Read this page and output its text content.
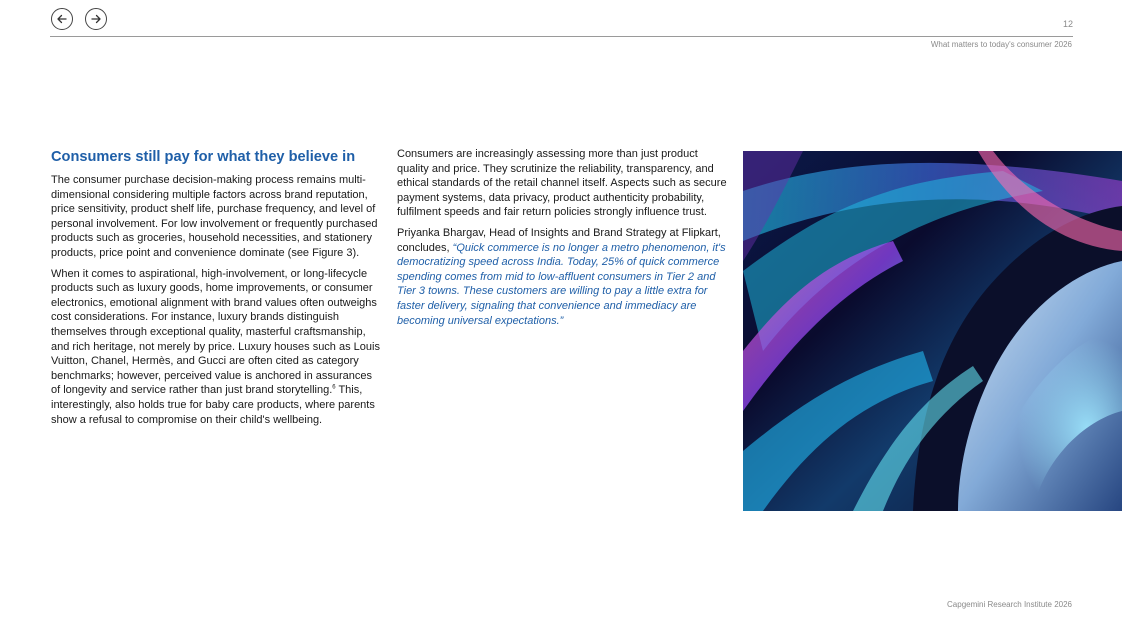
12
What matters to today's consumer 2026
Consumers still pay for what they believe in

The consumer purchase decision-making process remains multi-dimensional considering multiple factors across brand reputation, price sensitivity, product shelf life, purchase frequency, and level of personal involvement. For low involvement or frequently purchased products such as groceries, household necessities, and stationery products, price point and convenience dominate (see Figure 3).

When it comes to aspirational, high-involvement, or long-lifecycle products such as luxury goods, home improvements, or consumer electronics, emotional alignment with brand values often outweighs cost considerations. For instance, luxury brands distinguish themselves through exceptional quality, masterful craftsmanship, and rich heritage, not merely by price. Luxury houses such as Louis Vuitton, Chanel, Hermès, and Gucci are often cited as category benchmarks; however, perceived value is anchored in assurances of longevity and service rather than just brand storytelling.$^6$ This, interestingly, also holds true for baby care products, where parents show a refusal to compromise on their child's wellbeing.

Consumers are increasingly assessing more than just product quality and price. They scrutinize the reliability, transparency, and ethical standards of the retail channel itself. Aspects such as secure payment systems, data privacy, product authenticity probability, fulfilment speeds and fair return policies strongly influence trust.

Priyanka Bhargav, Head of Insights and Brand Strategy at Flipkart, concludes, “Quick commerce is no longer a metro phenomenon, it's democratizing speed across India. Today, 25% of quick commerce spending comes from mid to low-affluent consumers in Tier 2 and Tier 3 towns. These customers are willing to pay a little extra for faster delivery, signaling that convenience and immediacy are becoming universal expectations.”

Capgemini Research Institute 2026
